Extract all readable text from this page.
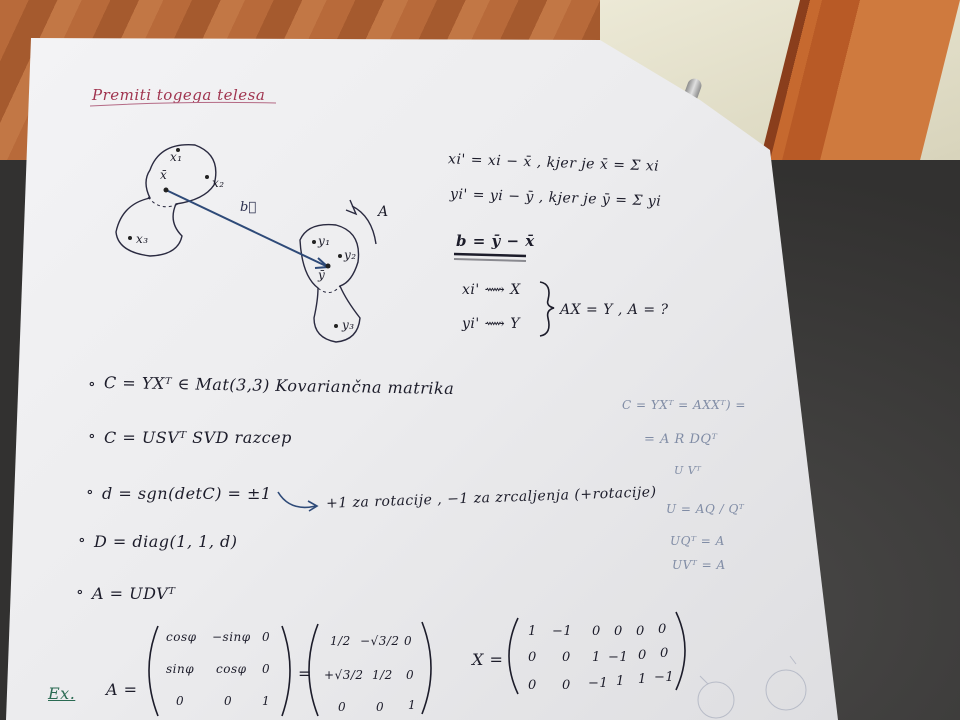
Premiti togega telesa
x₁
x₂
x₃
x̄
y₁
y₂
y₃
ȳ
b⃗	A
xi' = xi − x̄ , kjer je x̄ = Σ xi
yi' = yi − ȳ , kjer je ȳ = Σ yi
b = ȳ − x̄
xi' ⟿ X
yi' ⟿ Y
AX = Y , A = ?
∘ C = YXᵀ ∈ Mat(3,3) Kovariančna matrika
∘ C = USVᵀ SVD razcep
∘ d = sgn(detC) = ±1	+1 za rotacije , −1 za zrcaljenja (+rotacije)
∘ D = diag(1, 1, d)
∘ A = UDVᵀ
C = YXᵀ = AXXᵀ) =
= A R DQᵀ
U Vᵀ
U = AQ / Qᵀ
UQᵀ = A
UVᵀ = A
Ex. A =
cosφ −sinφ 0
sinφ cosφ 0
0	0 1
=
1/2 −√3/2 0
+√3/2 1/2 0
0 0 1
X =
1 −1 0 0 0 0
0 0 1 −1 0 0
0 0 −1 1 1 −1
